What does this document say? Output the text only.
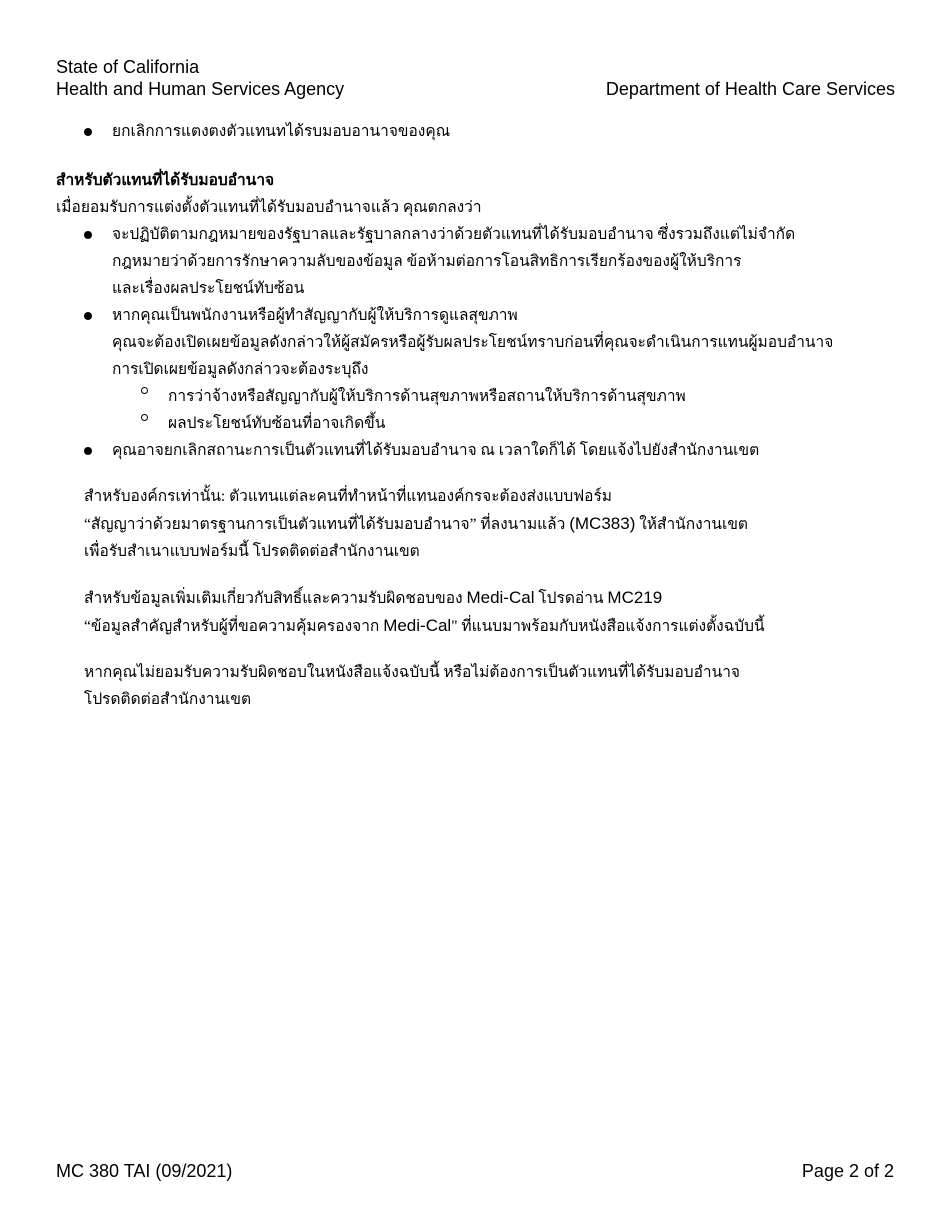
State of California
Health and Human Services Agency	Department of Health Care Services
ยกเลิกการแตงตงตัวแทนทได้รบมอบอานาจของคุณ
สำหรับตัวแทนที่ได้รับมอบอำนาจ
เมื่อยอมรับการแต่งตั้งตัวแทนที่ได้รับมอบอำนาจแล้ว คุณตกลงว่า
จะปฏิบัติตามกฎหมายของรัฐบาลและรัฐบาลกลางว่าด้วยตัวแทนที่ได้รับมอบอำนาจ ซึ่งรวมถึงแต่ไม่จำกัด
กฎหมายว่าด้วยการรักษาความลับของข้อมูล ข้อห้ามต่อการโอนสิทธิการเรียกร้องของผู้ให้บริการ
และเรื่องผลประโยชน์ทับซ้อน
หากคุณเป็นพนักงานหรือผู้ทำสัญญากับผู้ให้บริการดูแลสุขภาพ
คุณจะต้องเปิดเผยข้อมูลดังกล่าวให้ผู้สมัครหรือผู้รับผลประโยชน์ทราบก่อนที่คุณจะดำเนินการแทนผู้มอบอำนาจ
การเปิดเผยข้อมูลดังกล่าวจะต้องระบุถึง
การว่าจ้างหรือสัญญากับผู้ให้บริการด้านสุขภาพหรือสถานให้บริการด้านสุขภาพ
ผลประโยชน์ทับซ้อนที่อาจเกิดขึ้น
คุณอาจยกเลิกสถานะการเป็นตัวแทนที่ได้รับมอบอำนาจ ณ เวลาใดก็ได้ โดยแจ้งไปยังสำนักงานเขต
สำหรับองค์กรเท่านั้น: ตัวแทนแต่ละคนที่ทำหน้าที่แทนองค์กรจะต้องส่งแบบฟอร์ม
“สัญญาว่าด้วยมาตรฐานการเป็นตัวแทนที่ได้รับมอบอำนาจ” ที่ลงนามแล้ว (MC383) ให้สำนักงานเขต
เพื่อรับสำเนาแบบฟอร์มนี้ โปรดติดต่อสำนักงานเขต
สำหรับข้อมูลเพิ่มเติมเกี่ยวกับสิทธิ์และความรับผิดชอบของ Medi-Cal โปรดอ่าน MC219
“ข้อมูลสำคัญสำหรับผู้ที่ขอความคุ้มครองจาก Medi-Cal" ที่แนบมาพร้อมกับหนังสือแจ้งการแต่งตั้งฉบับนี้
หากคุณไม่ยอมรับความรับผิดชอบในหนังสือแจ้งฉบับนี้ หรือไม่ต้องการเป็นตัวแทนที่ได้รับมอบอำนาจ
โปรดติดต่อสำนักงานเขต
MC 380 TAI (09/2021)	Page 2 of 2
